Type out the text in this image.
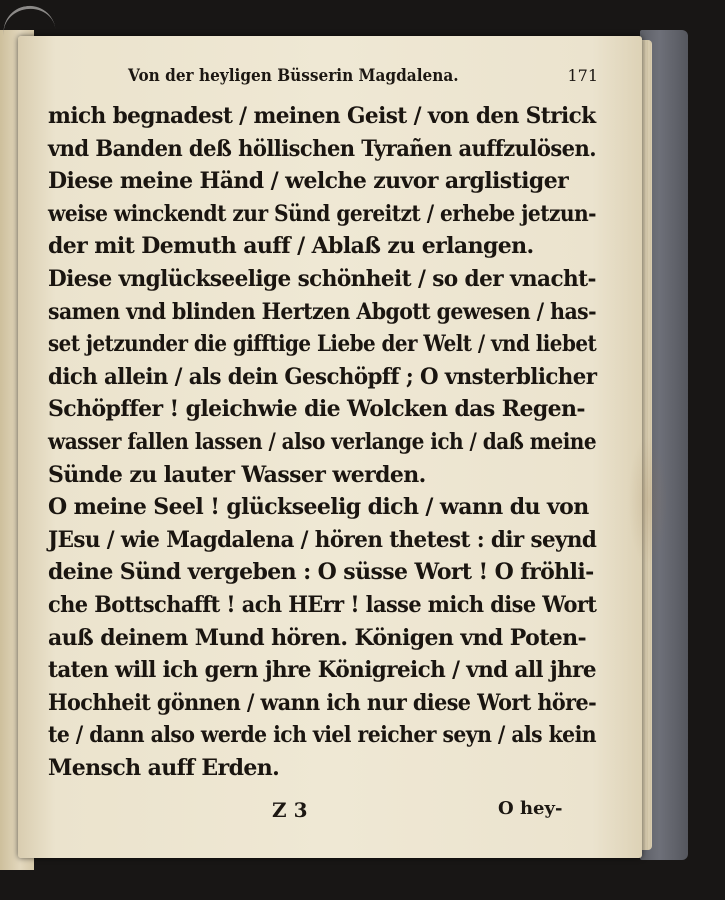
Von der heyligen Büsserin Magdalena.	171
mich begnadest / meinen Geist / von den Strick
vnd Banden deß höllischen Tyrañen auffzulösen.
Diese meine Händ / welche zuvor arglistiger
weise winckendt zur Sünd gereitzt / erhebe jetzun-
der mit Demuth auff / Ablaß zu erlangen.
Diese vnglückseelige schönheit / so der vnacht-
samen vnd blinden Hertzen Abgott gewesen / has-
set jetzunder die gifftige Liebe der Welt / vnd liebet
dich allein / als dein Geschöpff ; O vnsterblicher
Schöpffer ! gleichwie die Wolcken das Regen-
wasser fallen lassen / also verlange ich / daß meine
Sünde zu lauter Wasser werden.
O meine Seel ! glückseelig dich / wann du von
JEsu / wie Magdalena / hören thetest : dir seynd
deine Sünd vergeben : O süsse Wort ! O fröhli-
che Bottschafft ! ach HErr ! lasse mich dise Wort
auß deinem Mund hören. Königen vnd Poten-
taten will ich gern jhre Königreich / vnd all jhre
Hochheit gönnen / wann ich nur diese Wort höre-
te / dann also werde ich viel reicher seyn / als kein
Mensch auff Erden.
Z 3	O hey-
